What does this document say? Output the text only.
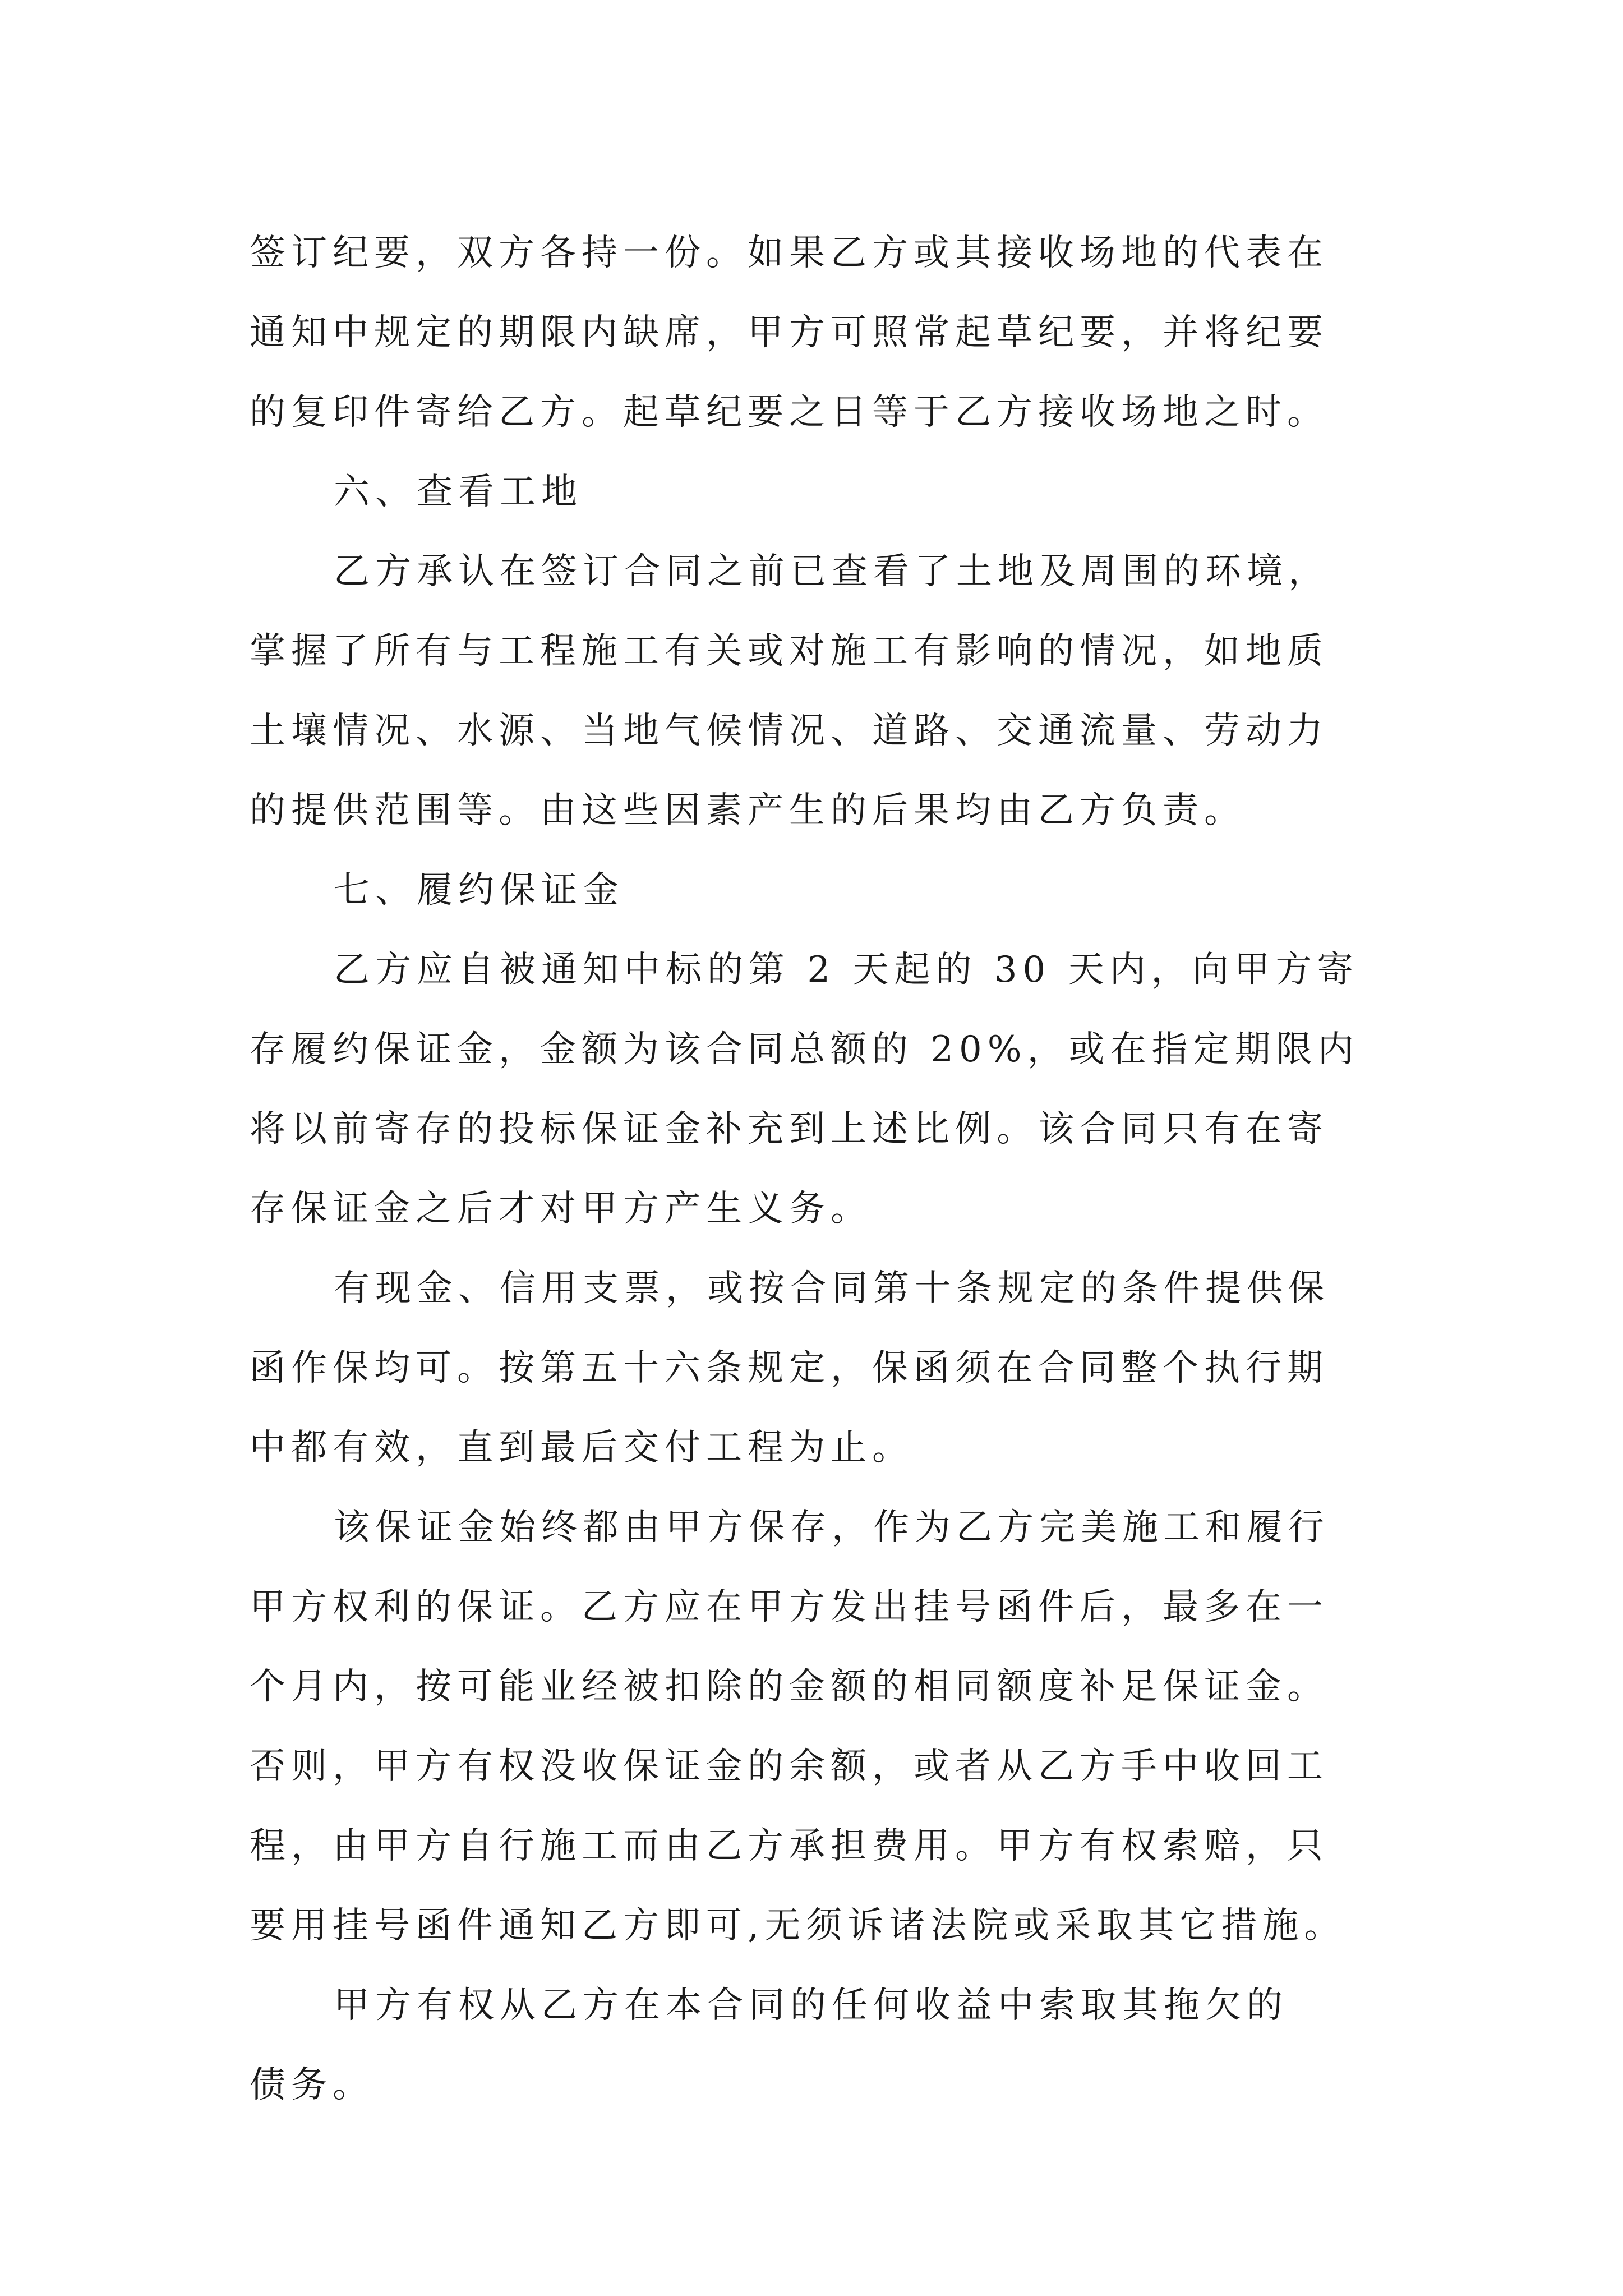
签订纪要，双方各持一份。如果乙方或其接收场地的代表在
通知中规定的期限内缺席，甲方可照常起草纪要，并将纪要
的复印件寄给乙方。起草纪要之日等于乙方接收场地之时。
六、查看工地
乙方承认在签订合同之前已查看了土地及周围的环境，
掌握了所有与工程施工有关或对施工有影响的情况，如地质
土壤情况、水源、当地气候情况、道路、交通流量、劳动力
的提供范围等。由这些因素产生的后果均由乙方负责。
七、履约保证金
乙方应自被通知中标的第 2 天起的 30 天内，向甲方寄
存履约保证金，金额为该合同总额的 20%，或在指定期限内
将以前寄存的投标保证金补充到上述比例。该合同只有在寄
存保证金之后才对甲方产生义务。
有现金、信用支票，或按合同第十条规定的条件提供保
函作保均可。按第五十六条规定，保函须在合同整个执行期
中都有效，直到最后交付工程为止。
该保证金始终都由甲方保存，作为乙方完美施工和履行
甲方权利的保证。乙方应在甲方发出挂号函件后，最多在一
个月内，按可能业经被扣除的金额的相同额度补足保证金。
否则，甲方有权没收保证金的余额，或者从乙方手中收回工
程，由甲方自行施工而由乙方承担费用。甲方有权索赔，只
要用挂号函件通知乙方即可,无须诉诸法院或采取其它措施。
甲方有权从乙方在本合同的任何收益中索取其拖欠的
债务。
